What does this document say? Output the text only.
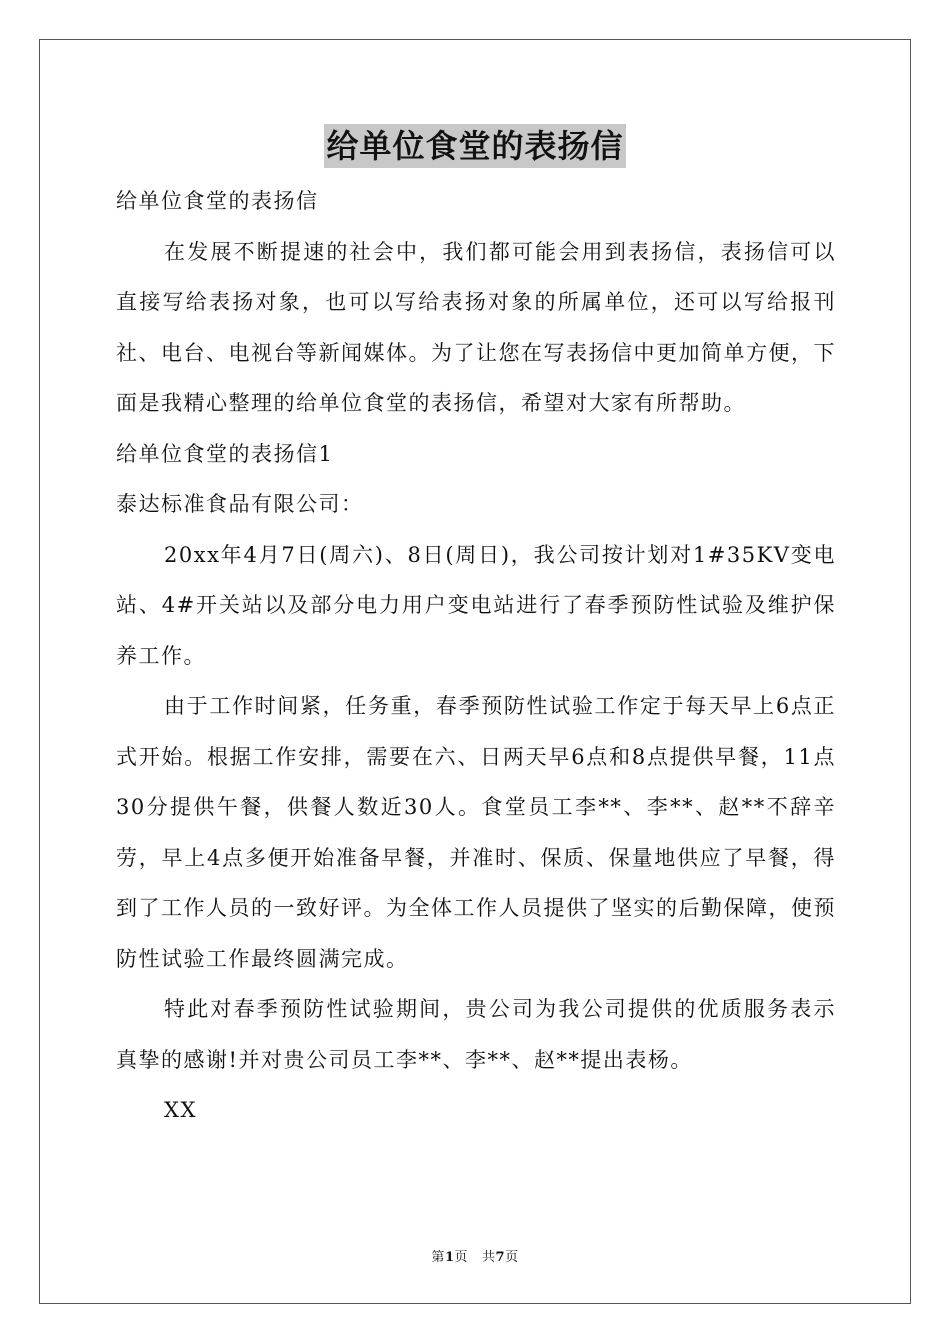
给单位食堂的表扬信

给单位食堂的表扬信

在发展不断提速的社会中，我们都可能会用到表扬信，表扬信可以直接写给表扬对象，也可以写给表扬对象的所属单位，还可以写给报刊社、电台、电视台等新闻媒体。为了让您在写表扬信中更加简单方便，下面是我精心整理的给单位食堂的表扬信，希望对大家有所帮助。

给单位食堂的表扬信1

泰达标准食品有限公司：

20xx年4月7日(周六)、8日(周日)，我公司按计划对1#35KV变电站、4#开关站以及部分电力用户变电站进行了春季预防性试验及维护保养工作。

由于工作时间紧，任务重，春季预防性试验工作定于每天早上6点正式开始。根据工作安排，需要在六、日两天早6点和8点提供早餐，11点30分提供午餐，供餐人数近30人。食堂员工李**、李**、赵**不辞辛劳，早上4点多便开始准备早餐，并准时、保质、保量地供应了早餐，得到了工作人员的一致好评。为全体工作人员提供了坚实的后勤保障，使预防性试验工作最终圆满完成。

特此对春季预防性试验期间，贵公司为我公司提供的优质服务表示真挚的感谢!并对贵公司员工李**、李**、赵**提出表杨。

XX

第1页 共7页
